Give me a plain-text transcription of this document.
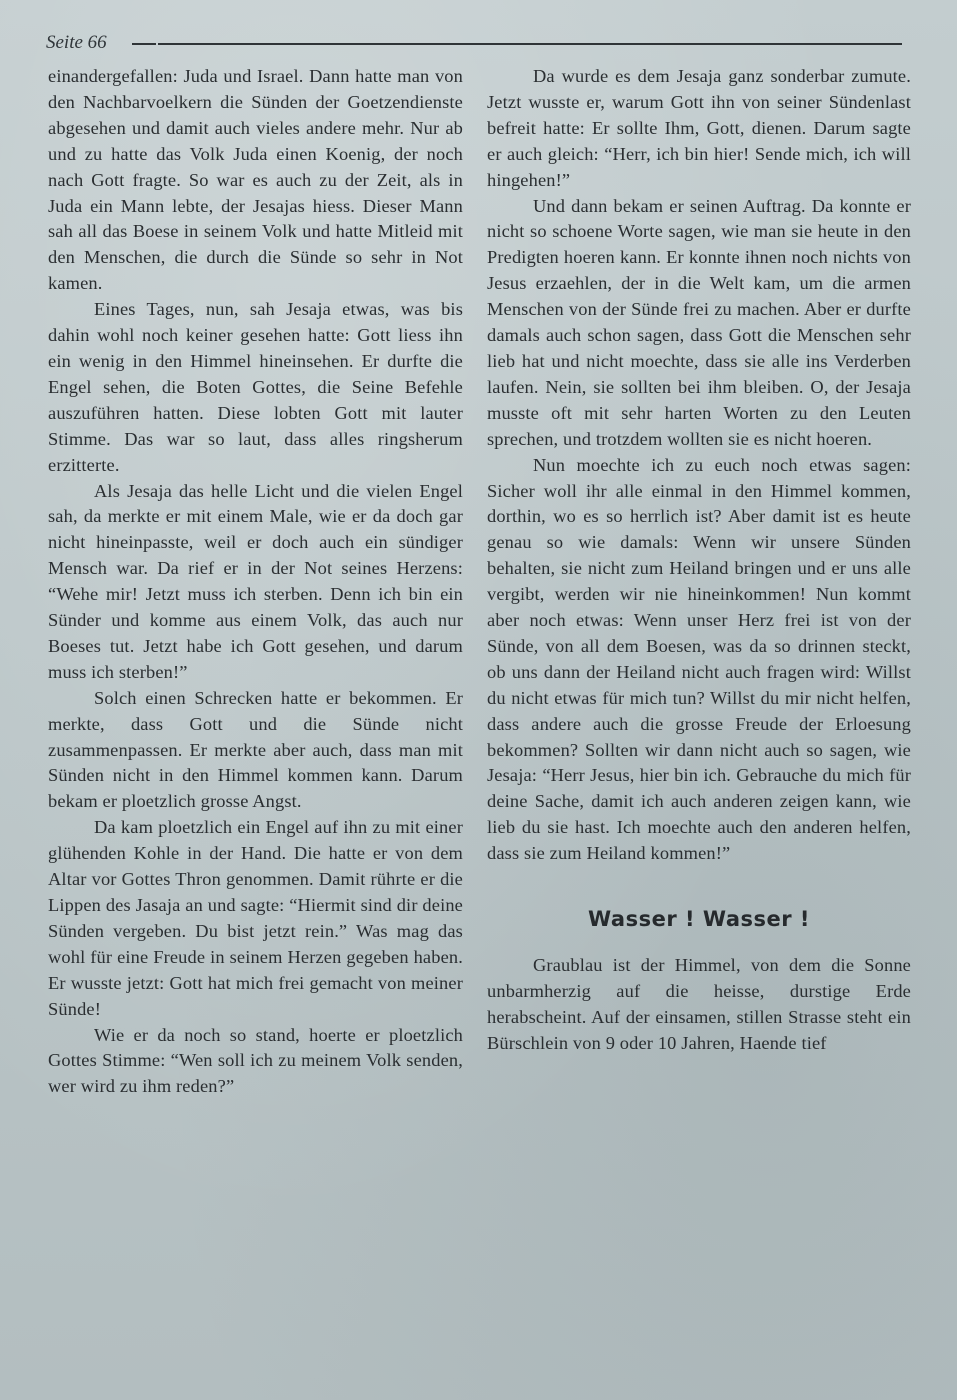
Seite 66

einandergefallen: Juda und Israel. Dann hatte man von den Nachbarvoelkern die Sünden der Goetzendienste abgesehen und damit auch vieles andere mehr. Nur ab und zu hatte das Volk Juda einen Koenig, der noch nach Gott fragte. So war es auch zu der Zeit, als in Juda ein Mann lebte, der Jesajas hiess. Dieser Mann sah all das Boese in seinem Volk und hatte Mitleid mit den Menschen, die durch die Sünde so sehr in Not kamen.

Eines Tages, nun, sah Jesaja etwas, was bis dahin wohl noch keiner gesehen hatte: Gott liess ihn ein wenig in den Himmel hineinsehen. Er durfte die Engel sehen, die Boten Gottes, die Seine Befehle auszuführen hatten. Diese lobten Gott mit lauter Stimme. Das war so laut, dass alles ringsherum erzitterte.

Als Jesaja das helle Licht und die vielen Engel sah, da merkte er mit einem Male, wie er da doch gar nicht hineinpasste, weil er doch auch ein sündiger Mensch war. Da rief er in der Not seines Herzens: “Wehe mir! Jetzt muss ich sterben. Denn ich bin ein Sünder und komme aus einem Volk, das auch nur Boeses tut. Jetzt habe ich Gott gesehen, und darum muss ich sterben!”

Solch einen Schrecken hatte er bekommen. Er merkte, dass Gott und die Sünde nicht zusammenpassen. Er merkte aber auch, dass man mit Sünden nicht in den Himmel kommen kann. Darum bekam er ploetzlich grosse Angst.

Da kam ploetzlich ein Engel auf ihn zu mit einer glühenden Kohle in der Hand. Die hatte er von dem Altar vor Gottes Thron genommen. Damit rührte er die Lippen des Jasaja an und sagte: “Hiermit sind dir deine Sünden vergeben. Du bist jetzt rein.” Was mag das wohl für eine Freude in seinem Herzen gegeben haben. Er wusste jetzt: Gott hat mich frei gemacht von meiner Sünde!

Wie er da noch so stand, hoerte er ploetzlich Gottes Stimme: “Wen soll ich zu meinem Volk senden, wer wird zu ihm reden?”

Da wurde es dem Jesaja ganz sonderbar zumute. Jetzt wusste er, warum Gott ihn von seiner Sündenlast befreit hatte: Er sollte Ihm, Gott, dienen. Darum sagte er auch gleich: “Herr, ich bin hier! Sende mich, ich will hingehen!”

Und dann bekam er seinen Auftrag. Da konnte er nicht so schoene Worte sagen, wie man sie heute in den Predigten hoeren kann. Er konnte ihnen noch nichts von Jesus erzaehlen, der in die Welt kam, um die armen Menschen von der Sünde frei zu machen. Aber er durfte damals auch schon sagen, dass Gott die Menschen sehr lieb hat und nicht moechte, dass sie alle ins Verderben laufen. Nein, sie sollten bei ihm bleiben. O, der Jesaja musste oft mit sehr harten Worten zu den Leuten sprechen, und trotzdem wollten sie es nicht hoeren.

Nun moechte ich zu euch noch etwas sagen: Sicher woll ihr alle einmal in den Himmel kommen, dorthin, wo es so herrlich ist? Aber damit ist es heute genau so wie damals: Wenn wir unsere Sünden behalten, sie nicht zum Heiland bringen und er uns alle vergibt, werden wir nie hineinkommen! Nun kommt aber noch etwas: Wenn unser Herz frei ist von der Sünde, von all dem Boesen, was da so drinnen steckt, ob uns dann der Heiland nicht auch fragen wird: Willst du nicht etwas für mich tun? Willst du mir nicht helfen, dass andere auch die grosse Freude der Erloesung bekommen? Sollten wir dann nicht auch so sagen, wie Jesaja: “Herr Jesus, hier bin ich. Gebrauche du mich für deine Sache, damit ich auch anderen zeigen kann, wie lieb du sie hast. Ich moechte auch den anderen helfen, dass sie zum Heiland kommen!”

Wasser ! Wasser !

Graublau ist der Himmel, von dem die Sonne unbarmherzig auf die heisse, durstige Erde herabscheint. Auf der einsamen, stillen Strasse steht ein Bürschlein von 9 oder 10 Jahren, Haende tief
